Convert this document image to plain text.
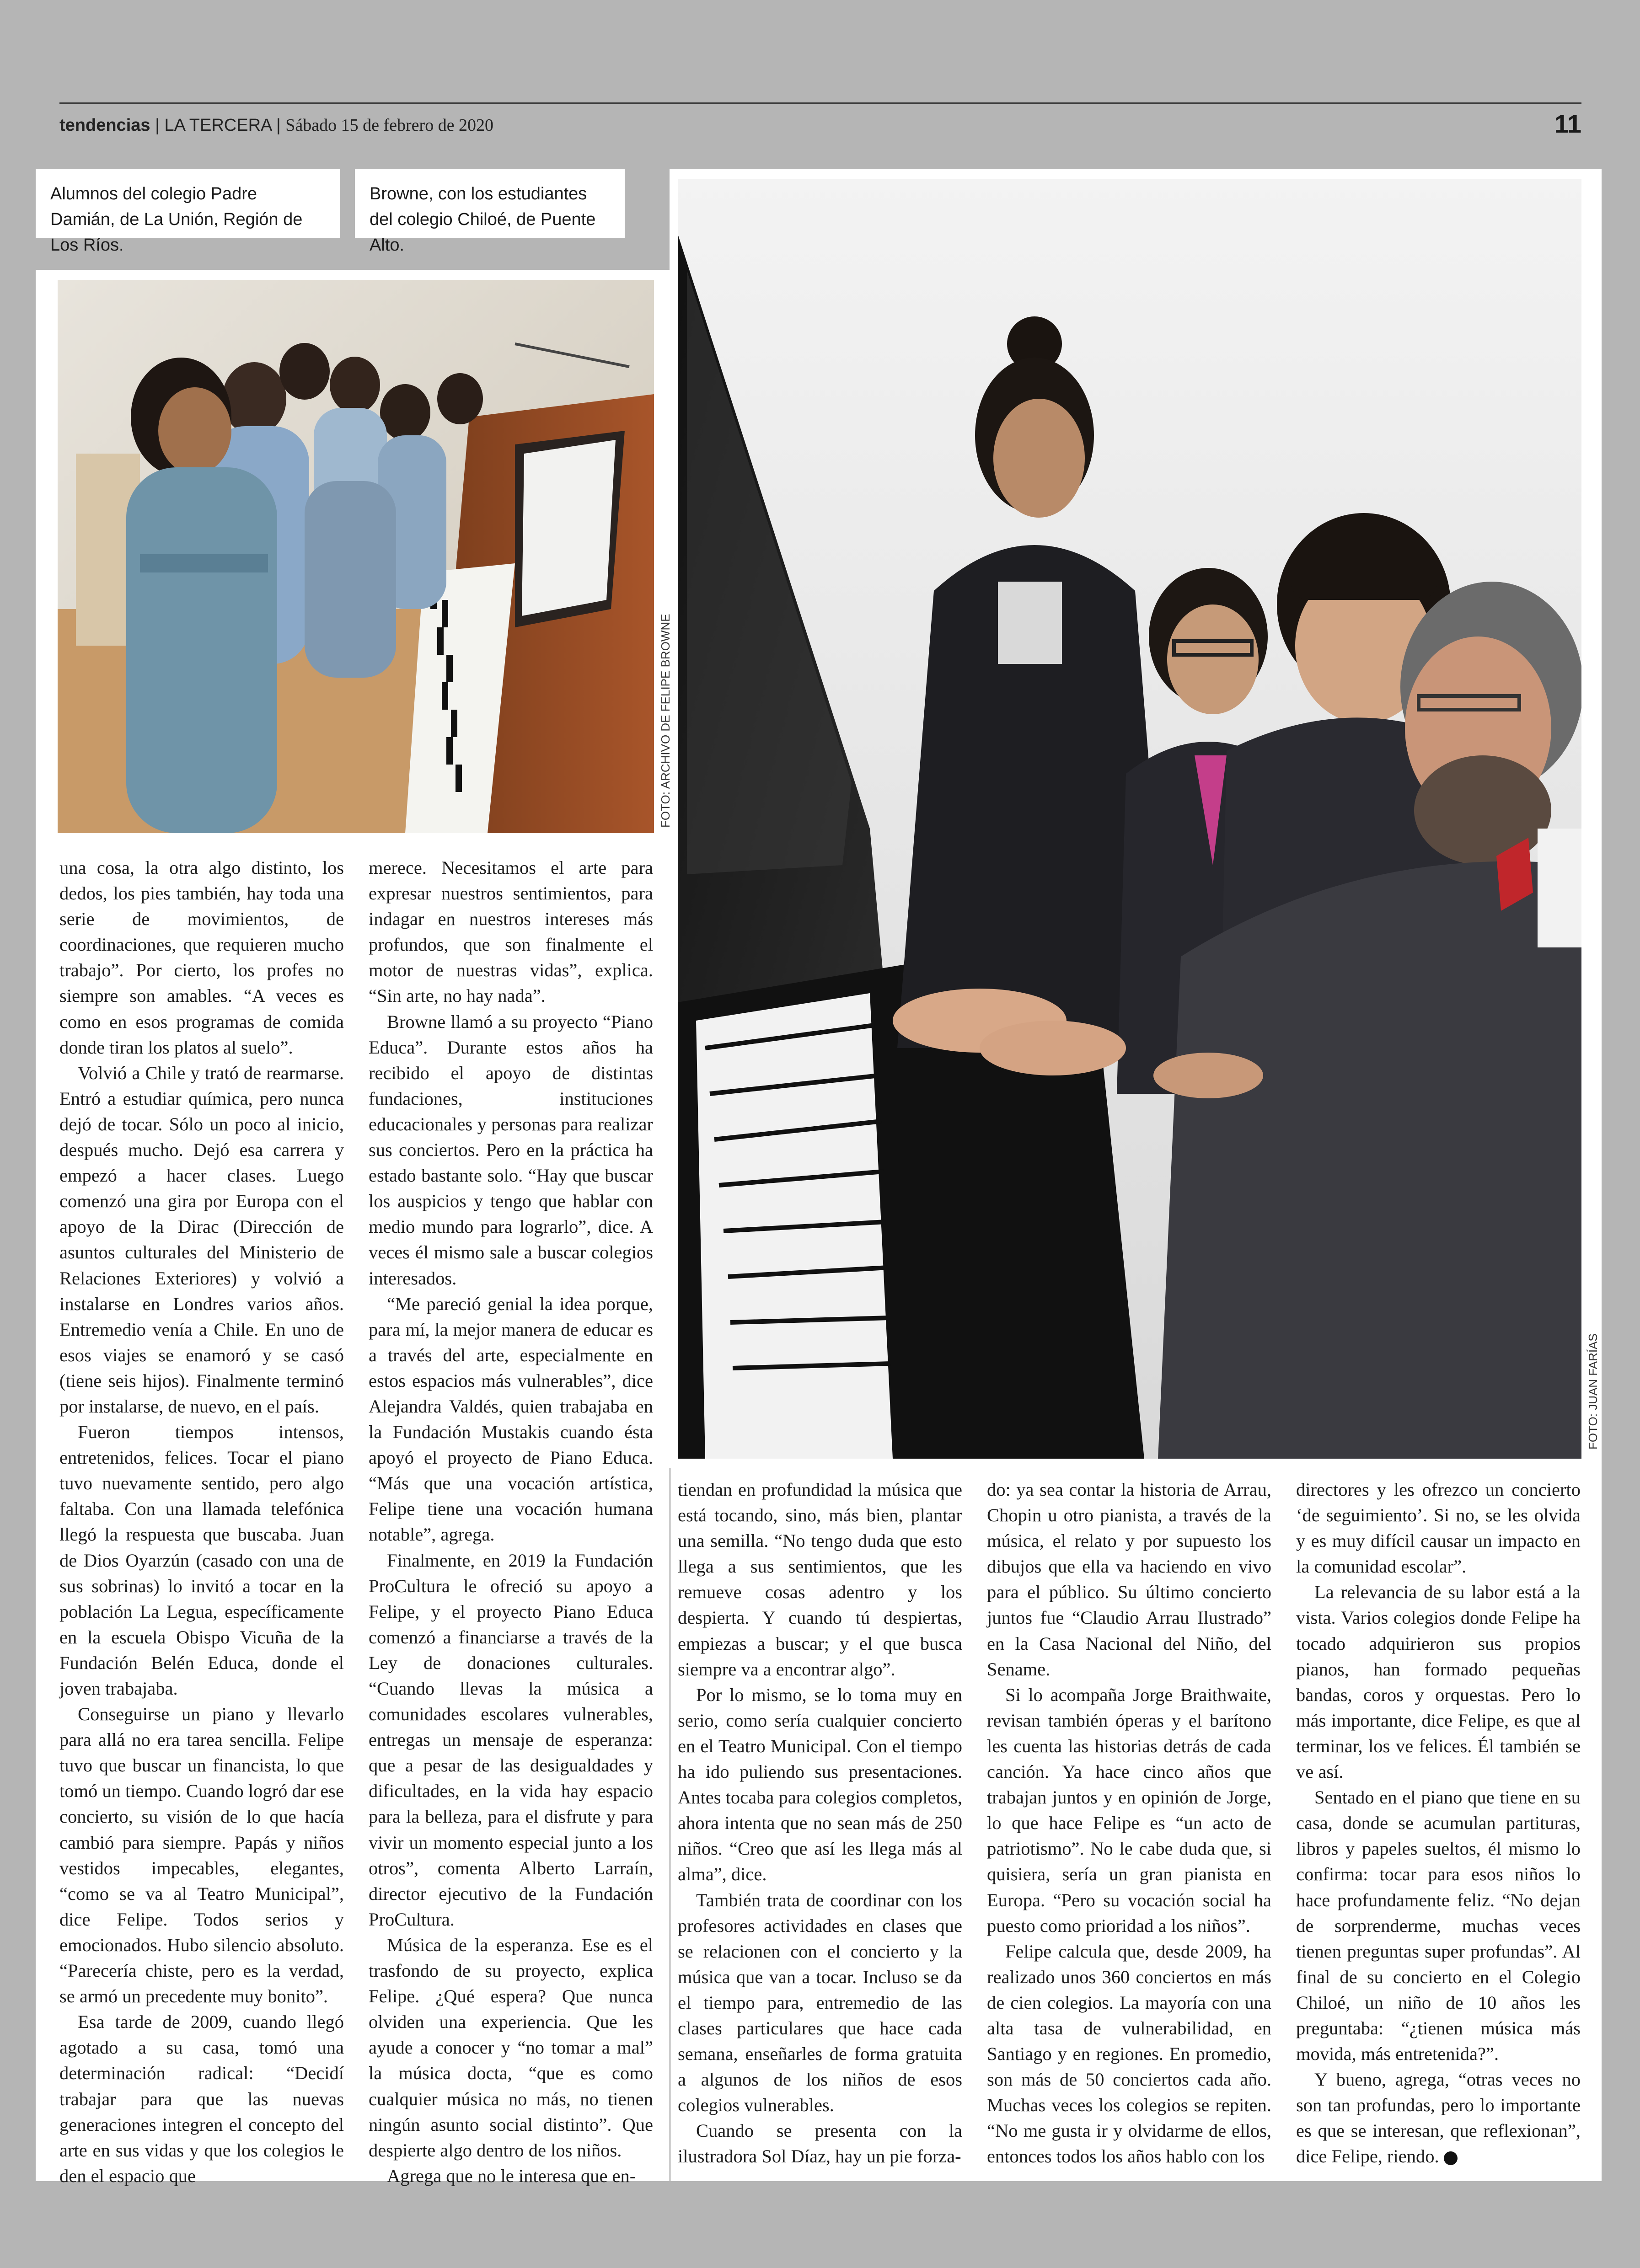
tendencias | LA TERCERA | Sábado 15 de febrero de 2020	11
Alumnos del colegio Padre Damián, de La Unión, Región de Los Ríos.
Browne, con los estudiantes del colegio Chiloé, de Puente Alto.
FOTO: ARCHIVO DE FELIPE BROWNE
FOTO: JUAN FARÍAS

una cosa, la otra algo distinto, los dedos, los pies también, hay toda una serie de movimientos, de coordinaciones, que requieren mucho trabajo”. Por cierto, los profes no siempre son amables. “A veces es como en esos programas de comida donde tiran los platos al suelo”.

Volvió a Chile y trató de rearmarse. Entró a estudiar química, pero nunca dejó de tocar. Sólo un poco al inicio, después mucho. Dejó esa carrera y empezó a hacer clases. Luego comenzó una gira por Europa con el apoyo de la Dirac (Dirección de asuntos culturales del Ministerio de Relaciones Exteriores) y volvió a instalarse en Londres varios años. Entremedio venía a Chile. En uno de esos viajes se enamoró y se casó (tiene seis hijos). Finalmente terminó por instalarse, de nuevo, en el país.

Fueron tiempos intensos, entretenidos, felices. Tocar el piano tuvo nuevamente sentido, pero algo faltaba. Con una llamada telefónica llegó la respuesta que buscaba. Juan de Dios Oyarzún (casado con una de sus sobrinas) lo invitó a tocar en la población La Legua, específicamente en la escuela Obispo Vicuña de la Fundación Belén Educa, donde el joven trabajaba.

Conseguirse un piano y llevarlo para allá no era tarea sencilla. Felipe tuvo que buscar un financista, lo que tomó un tiempo. Cuando logró dar ese concierto, su visión de lo que hacía cambió para siempre. Papás y niños vestidos impecables, elegantes, “como se va al Teatro Municipal”, dice Felipe. Todos serios y emocionados. Hubo silencio absoluto. “Parecería chiste, pero es la verdad, se armó un precedente muy bonito”.

Esa tarde de 2009, cuando llegó agotado a su casa, tomó una determinación radical: “Decidí trabajar para que las nuevas generaciones integren el concepto del arte en sus vidas y que los colegios le den el espacio que

merece. Necesitamos el arte para expresar nuestros sentimientos, para indagar en nuestros intereses más profundos, que son finalmente el motor de nuestras vidas”, explica. “Sin arte, no hay nada”.

Browne llamó a su proyecto “Piano Educa”. Durante estos años ha recibido el apoyo de distintas fundaciones, instituciones educacionales y personas para realizar sus conciertos. Pero en la práctica ha estado bastante solo. “Hay que buscar los auspicios y tengo que hablar con medio mundo para lograrlo”, dice. A veces él mismo sale a buscar colegios interesados.

“Me pareció genial la idea porque, para mí, la mejor manera de educar es a través del arte, especialmente en estos espacios más vulnerables”, dice Alejandra Valdés, quien trabajaba en la Fundación Mustakis cuando ésta apoyó el proyecto de Piano Educa. “Más que una vocación artística, Felipe tiene una vocación humana notable”, agrega.

Finalmente, en 2019 la Fundación ProCultura le ofreció su apoyo a Felipe, y el proyecto Piano Educa comenzó a financiarse a través de la Ley de donaciones culturales. “Cuando llevas la música a comunidades escolares vulnerables, entregas un mensaje de esperanza: que a pesar de las desigualdades y dificultades, en la vida hay espacio para la belleza, para el disfrute y para vivir un momento especial junto a los otros”, comenta Alberto Larraín, director ejecutivo de la Fundación ProCultura.

Música de la esperanza. Ese es el trasfondo de su proyecto, explica Felipe. ¿Qué espera? Que nunca olviden una experiencia. Que les ayude a conocer y “no tomar a mal” la música docta, “que es como cualquier música no más, no tienen ningún asunto social distinto”. Que despierte algo dentro de los niños.

Agrega que no le interesa que en-

tiendan en profundidad la música que está tocando, sino, más bien, plantar una semilla. “No tengo duda que esto llega a sus sentimientos, que les remueve cosas adentro y los despierta. Y cuando tú despiertas, empiezas a buscar; y el que busca siempre va a encontrar algo”.

Por lo mismo, se lo toma muy en serio, como sería cualquier concierto en el Teatro Municipal. Con el tiempo ha ido puliendo sus presentaciones. Antes tocaba para colegios completos, ahora intenta que no sean más de 250 niños. “Creo que así les llega más al alma”, dice.

También trata de coordinar con los profesores actividades en clases que se relacionen con el concierto y la música que van a tocar. Incluso se da el tiempo para, entremedio de las clases particulares que hace cada semana, enseñarles de forma gratuita a algunos de los niños de esos colegios vulnerables.

Cuando se presenta con la ilustradora Sol Díaz, hay un pie forza-

do: ya sea contar la historia de Arrau, Chopin u otro pianista, a través de la música, el relato y por supuesto los dibujos que ella va haciendo en vivo para el público. Su último concierto juntos fue “Claudio Arrau Ilustrado” en la Casa Nacional del Niño, del Sename.

Si lo acompaña Jorge Braithwaite, revisan también óperas y el barítono les cuenta las historias detrás de cada canción. Ya hace cinco años que trabajan juntos y en opinión de Jorge, lo que hace Felipe es “un acto de patriotismo”. No le cabe duda que, si quisiera, sería un gran pianista en Europa. “Pero su vocación social ha puesto como prioridad a los niños”.

Felipe calcula que, desde 2009, ha realizado unos 360 conciertos en más de cien colegios. La mayoría con una alta tasa de vulnerabilidad, en Santiago y en regiones. En promedio, son más de 50 conciertos cada año. Muchas veces los colegios se repiten. “No me gusta ir y olvidarme de ellos, entonces todos los años hablo con los

directores y les ofrezco un concierto ‘de seguimiento’. Si no, se les olvida y es muy difícil causar un impacto en la comunidad escolar”.

La relevancia de su labor está a la vista. Varios colegios donde Felipe ha tocado adquirieron sus propios pianos, han formado pequeñas bandas, coros y orquestas. Pero lo más importante, dice Felipe, es que al terminar, los ve felices. Él también se ve así.

Sentado en el piano que tiene en su casa, donde se acumulan partituras, libros y papeles sueltos, él mismo lo confirma: tocar para esos niños lo hace profundamente feliz. “No dejan de sorprenderme, muchas veces tienen preguntas super profundas”. Al final de su concierto en el Colegio Chiloé, un niño de 10 años les preguntaba: “¿tienen música más movida, más entretenida?”.

Y bueno, agrega, “otras veces no son tan profundas, pero lo importante es que se interesan, que reflexionan”, dice Felipe, riendo. T
